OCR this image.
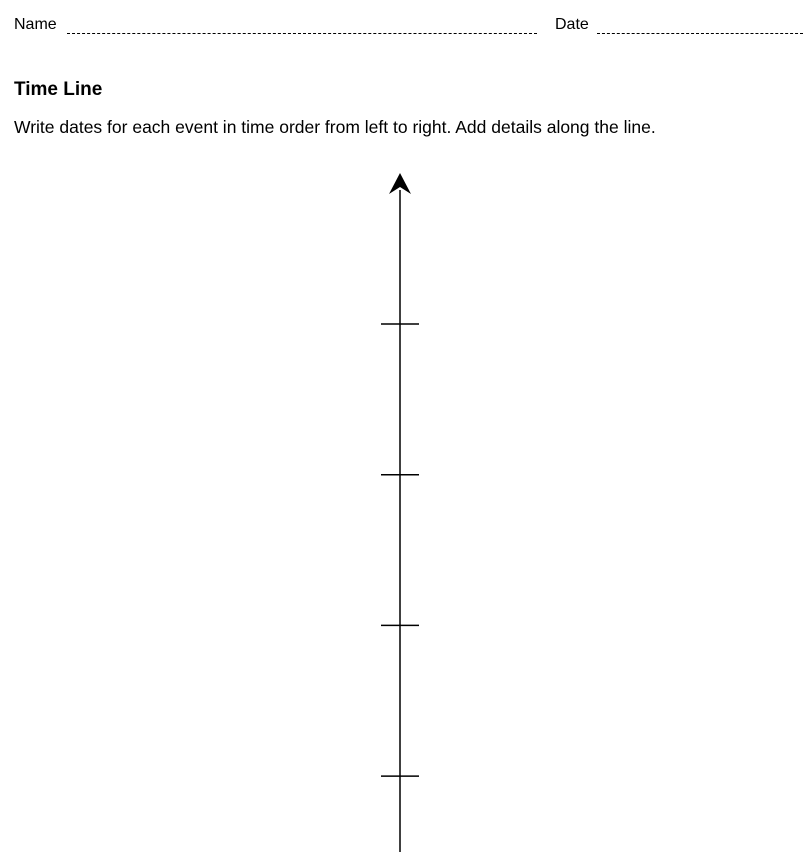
Name	Date
Time Line

Write dates for each event in time order from left to right. Add details along the line.
